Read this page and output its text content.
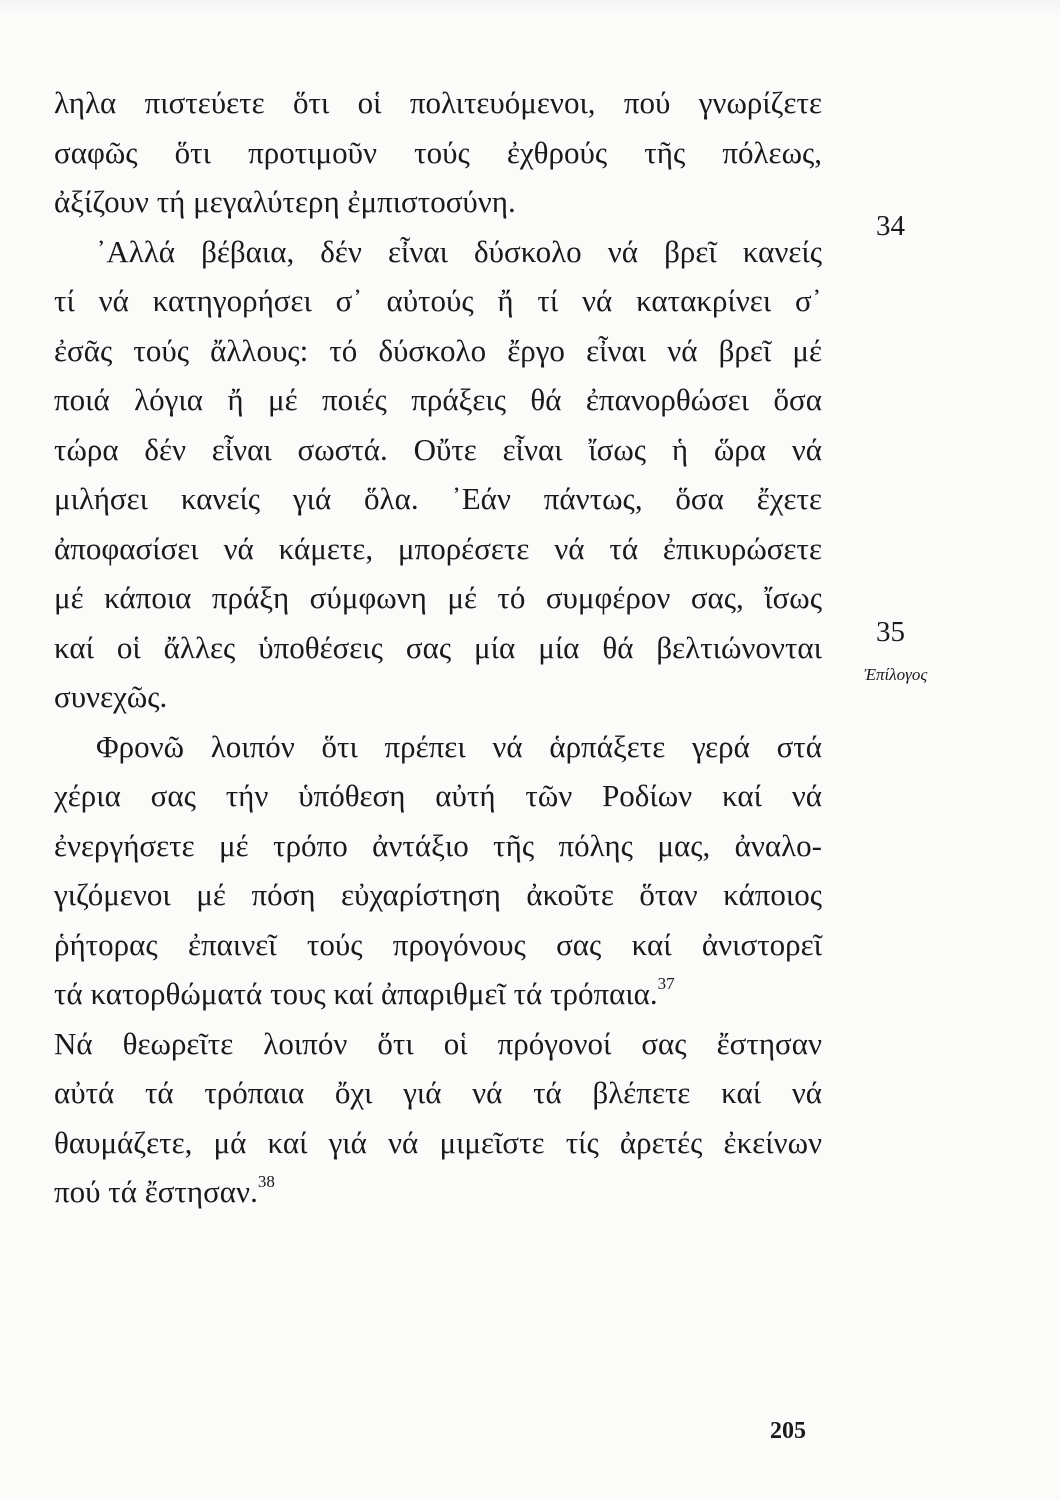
ληλα πιστεύετε ὅτι οἱ πολιτευόμενοι, πού γνωρίζετε
σαφῶς ὅτι προτιμοῦν τούς ἐχθρούς τῆς πόλεως,
ἀξίζουν τή μεγαλύτερη ἐμπιστοσύνη.
᾽Αλλά βέβαια, δέν εἶναι δύσκολο νά βρεῖ κανείς
τί νά κατηγορήσει σ᾽ αὐτούς ἤ τί νά κατακρίνει σ᾽
ἐσᾶς τούς ἄλλους: τό δύσκολο ἔργο εἶναι νά βρεῖ μέ
ποιά λόγια ἤ μέ ποιές πράξεις θά ἐπανορθώσει ὅσα
τώρα δέν εἶναι σωστά. Οὔτε εἶναι ἴσως ἡ ὥρα νά
μιλήσει κανείς γιά ὅλα. ᾽Εάν πάντως, ὅσα ἔχετε
ἀποφασίσει νά κάμετε, μπορέσετε νά τά ἐπικυρώσετε
μέ κάποια πράξη σύμφωνη μέ τό συμφέρον σας, ἴσως
καί οἱ ἄλλες ὑποθέσεις σας μία μία θά βελτιώνονται
συνεχῶς.
Φρονῶ λοιπόν ὅτι πρέπει νά ἁρπάξετε γερά στά
χέρια σας τήν ὑπόθεση αὐτή τῶν Ροδίων καί νά
ἐνεργήσετε μέ τρόπο ἀντάξιο τῆς πόλης μας, ἀναλο-
γιζόμενοι μέ πόση εὐχαρίστηση ἀκοῦτε ὅταν κάποιος
ῥήτορας ἐπαινεῖ τούς προγόνους σας καί ἀνιστορεῖ
τά κατορθώματά τους καί ἀπαριθμεῖ τά τρόπαια.$^{37}$
Νά θεωρεῖτε λοιπόν ὅτι οἱ πρόγονοί σας ἔστησαν
αὐτά τά τρόπαια ὄχι γιά νά τά βλέπετε καί νά
θαυμάζετε, μά καί γιά νά μιμεῖστε τίς ἀρετές ἐκείνων
πού τά ἔστησαν.$^{38}$
34
35
Ἐπίλογος
205
